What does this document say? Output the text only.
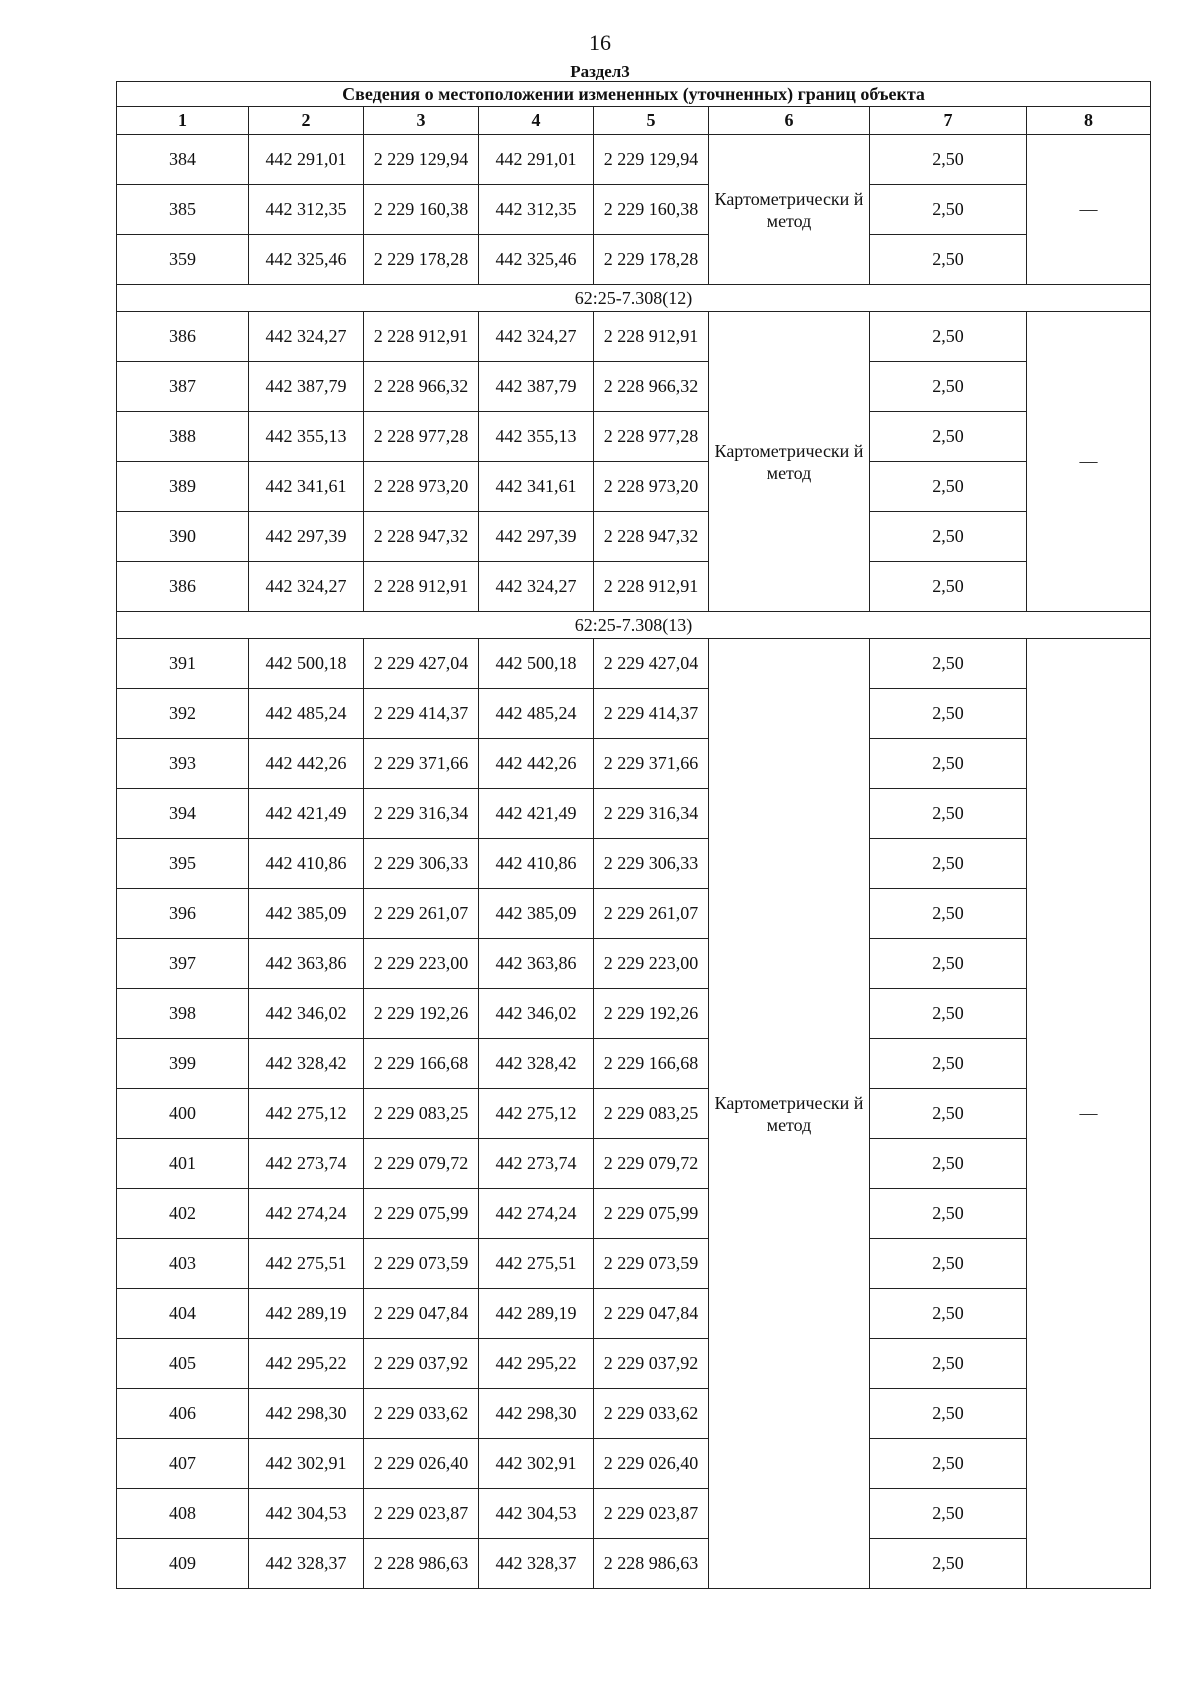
16
Раздел3
Сведения о местоположении измененных (уточненных) границ объекта							
1	2	3	4	5	6	7	8
384	442 291,01	2 229 129,94	442 291,01	2 229 129,94	Картометрически й метод	2,50	—
385	442 312,35	2 229 160,38	442 312,35	2 229 160,38		2,50	
359	442 325,46	2 229 178,28	442 325,46	2 229 178,28		2,50	
62:25-7.308(12)							
386	442 324,27	2 228 912,91	442 324,27	2 228 912,91	Картометрически й метод	2,50	—
387	442 387,79	2 228 966,32	442 387,79	2 228 966,32		2,50	
388	442 355,13	2 228 977,28	442 355,13	2 228 977,28		2,50	
389	442 341,61	2 228 973,20	442 341,61	2 228 973,20		2,50	
390	442 297,39	2 228 947,32	442 297,39	2 228 947,32		2,50	
386	442 324,27	2 228 912,91	442 324,27	2 228 912,91		2,50	
62:25-7.308(13)							
391	442 500,18	2 229 427,04	442 500,18	2 229 427,04	Картометрически й метод	2,50	—
392	442 485,24	2 229 414,37	442 485,24	2 229 414,37		2,50	
393	442 442,26	2 229 371,66	442 442,26	2 229 371,66		2,50	
394	442 421,49	2 229 316,34	442 421,49	2 229 316,34		2,50	
395	442 410,86	2 229 306,33	442 410,86	2 229 306,33		2,50	
396	442 385,09	2 229 261,07	442 385,09	2 229 261,07		2,50	
397	442 363,86	2 229 223,00	442 363,86	2 229 223,00		2,50	
398	442 346,02	2 229 192,26	442 346,02	2 229 192,26		2,50	
399	442 328,42	2 229 166,68	442 328,42	2 229 166,68		2,50	
400	442 275,12	2 229 083,25	442 275,12	2 229 083,25		2,50	
401	442 273,74	2 229 079,72	442 273,74	2 229 079,72		2,50	
402	442 274,24	2 229 075,99	442 274,24	2 229 075,99		2,50	
403	442 275,51	2 229 073,59	442 275,51	2 229 073,59		2,50	
404	442 289,19	2 229 047,84	442 289,19	2 229 047,84		2,50	
405	442 295,22	2 229 037,92	442 295,22	2 229 037,92		2,50	
406	442 298,30	2 229 033,62	442 298,30	2 229 033,62		2,50	
407	442 302,91	2 229 026,40	442 302,91	2 229 026,40		2,50	
408	442 304,53	2 229 023,87	442 304,53	2 229 023,87		2,50	
409	442 328,37	2 228 986,63	442 328,37	2 228 986,63		2,50	
